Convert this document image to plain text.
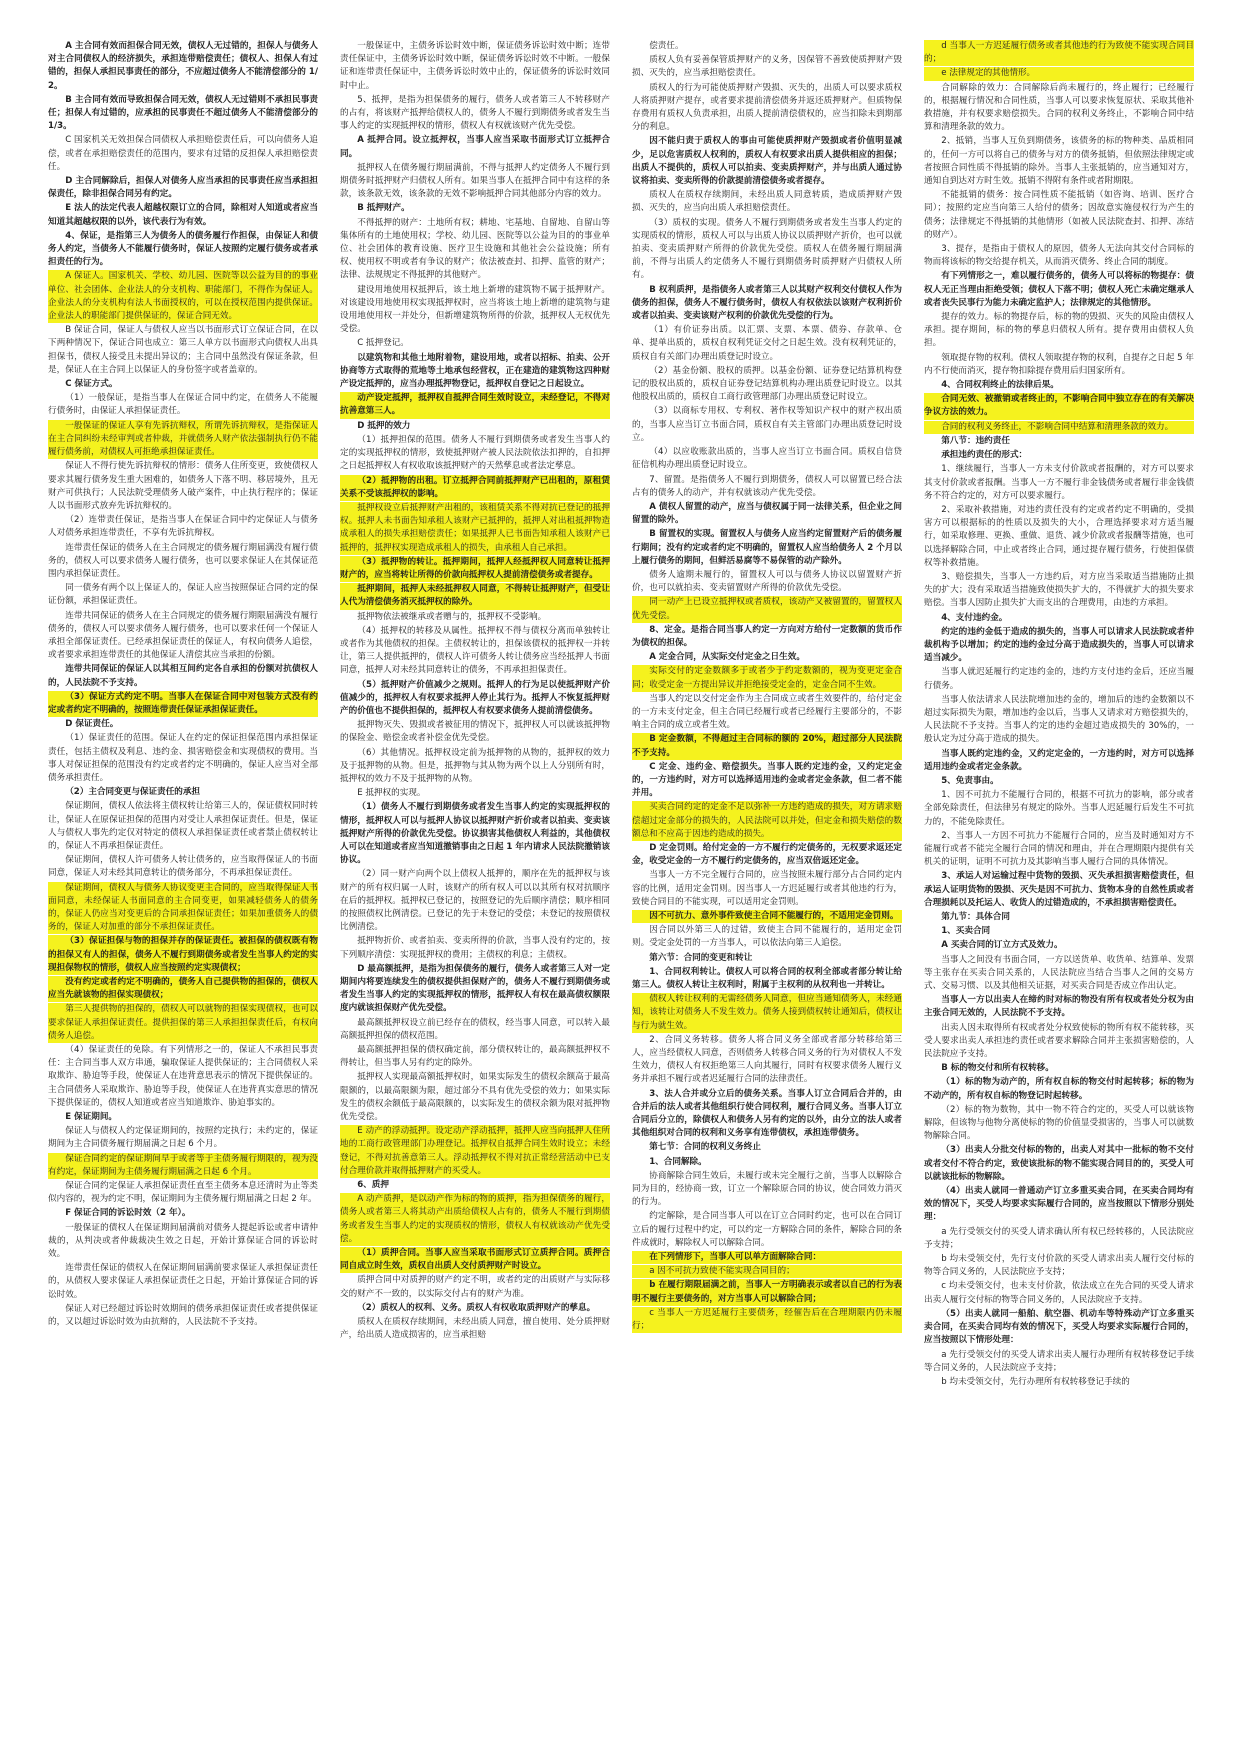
A 主合同有效而担保合同无效，债权人无过错的，担保人与债务人对主合同债权人的经济损失，承担连带赔偿责任；债权人、担保人有过错的，担保人承担民事责任的部分，不应超过债务人不能清偿部分的 1/2。

B 主合同有效而导致担保合同无效，债权人无过错则不承担民事责任；担保人有过错的，应承担的民事责任不超过债务人不能清偿部分的 1/3。

C 国家机关无效担保合同债权人承担赔偿责任后，可以向债务人追偿，或者在承担赔偿责任的范围内，要求有过错的反担保人承担赔偿责任。

D 主合同解除后，担保人对债务人应当承担的民事责任应当承担担保责任，除非担保合同另有约定。

E 法人的法定代表人超越权限订立的合同，除相对人知道或者应当知道其超越权限的以外，该代表行为有效。

4、保证，是指第三人为债务人的债务履行作担保，由保证人和债务人约定，当债务人不能履行债务时，保证人按照约定履行债务或者承担责任的行为。

A 保证人。国家机关、学校、幼儿园、医院等以公益为目的的事业单位、社会团体、企业法人的分支机构、职能部门，不得作为保证人。企业法人的分支机构有法人书面授权的，可以在授权范围内提供保证。企业法人的职能部门提供保证的，保证合同无效。

B 保证合同，保证人与债权人应当以书面形式订立保证合同，在以下两种情况下，保证合同也成立：第三人单方以书面形式向债权人出具担保书，债权人接受且未提出异议的；主合同中虽然没有保证条款，但是，保证人在主合同上以保证人的身份签字或者盖章的。

C 保证方式。

（1）一般保证，是指当事人在保证合同中约定，在债务人不能履行债务时，由保证人承担保证责任。

一般保证的保证人享有先诉抗辩权，所谓先诉抗辩权，是指保证人在主合同纠纷未经审判或者仲裁，并就债务人财产依法强制执行仍不能履行债务前，对债权人可拒绝承担保证责任。

保证人不得行使先诉抗辩权的情形：债务人住所变更，致使债权人要求其履行债务发生重大困难的，如债务人下落不明、移居境外，且无财产可供执行；人民法院受理债务人破产案件，中止执行程序的；保证人以书面形式放弃先诉抗辩权的。

（2）连带责任保证，是指当事人在保证合同中约定保证人与债务人对债务承担连带责任，不享有先诉抗辩权。

连带责任保证的债务人在主合同规定的债务履行期届满没有履行债务的，债权人可以要求债务人履行债务，也可以要求保证人在其保证范围内承担保证责任。

同一债务有两个以上保证人的，保证人应当按照保证合同约定的保证份额，承担保证责任。

连带共同保证的债务人在主合同规定的债务履行期限届满没有履行债务的，债权人可以要求债务人履行债务，也可以要求任何一个保证人承担全部保证责任。已经承担保证责任的保证人，有权向债务人追偿，或者要求承担连带责任的其他保证人清偿其应当承担的份额。

连带共同保证的保证人以其相互间约定各自承担的份额对抗债权人的，人民法院不予支持。

（3）保证方式约定不明。当事人在保证合同中对包装方式没有约定或者约定不明确的，按照连带责任保证承担保证责任。

D 保证责任。

（1）保证责任的范围。保证人在约定的保证担保范围内承担保证责任，包括主债权及利息、违约金、损害赔偿金和实现债权的费用。当事人对保证担保的范围没有约定或者约定不明确的，保证人应当对全部债务承担责任。

（2）主合同变更与保证责任的承担

保证期间，债权人依法将主债权转让给第三人的，保证债权同时转让，保证人在原保证担保的范围内对受让人承担保证责任。但是，保证人与债权人事先约定仅对特定的债权人承担保证责任或者禁止债权转让的，保证人不再承担保证责任。

保证期间，债权人许可债务人转让债务的，应当取得保证人的书面同意，保证人对未经其同意转让的债务部分，不再承担保证责任。

保证期间，债权人与债务人协议变更主合同的，应当取得保证人书面同意，未经保证人书面同意的主合同变更，如果减轻债务人的债务的，保证人仍应当对变更后的合同承担保证责任；如果加重债务人的债务的，保证人对加重的部分不承担保证责任。

（3）保证担保与物的担保并存的保证责任。被担保的债权既有物的担保又有人的担保，债务人不履行到期债务或者发生当事人约定的实现担保物权的情形，债权人应当按照约定实现债权；

没有约定或者约定不明确的，债务人自己提供物的担保的，债权人应当先就该物的担保实现债权；

第三人提供物的担保的，债权人可以就物的担保实现债权，也可以要求保证人承担保证责任。提供担保的第三人承担担保责任后，有权向债务人追偿。

（4）保证责任的免除。有下列情形之一的，保证人不承担民事责任：主合同当事人双方串通，骗取保证人提供保证的；主合同债权人采取欺诈、胁迫等手段，使保证人在违背意思表示的情况下提供保证的。主合同债务人采取欺诈、胁迫等手段，使保证人在违背真实意思的情况下提供保证的，债权人知道或者应当知道欺诈、胁迫事实的。

E 保证期间。

保证人与债权人约定保证期间的，按照约定执行；未约定的，保证期间为主合同债务履行期届满之日起 6 个月。

保证合同约定的保证期间早于或者等于主债务履行期限的，视为没有约定，保证期间为主债务履行期届满之日起 6 个月。

保证合同约定保证人承担保证责任直至主债务本息还清时为止等类似内容的，视为约定不明，保证期间为主债务履行期届满之日起 2 年。

F 保证合同的诉讼时效（2 年）。

一般保证的债权人在保证期间届满前对债务人提起诉讼或者申请仲裁的，从判决或者仲裁裁决生效之日起，开始计算保证合同的诉讼时效。

连带责任保证的债权人在保证期间届满前要求保证人承担保证责任的，从债权人要求保证人承担保证责任之日起，开始计算保证合同的诉讼时效。

保证人对已经超过诉讼时效期间的债务承担保证责任或者提供保证的，又以超过诉讼时效为由抗辩的，人民法院不予支持。

一般保证中，主债务诉讼时效中断，保证债务诉讼时效中断；连带责任保证中，主债务诉讼时效中断，保证债务诉讼时效不中断。一般保证和连带责任保证中，主债务诉讼时效中止的，保证债务的诉讼时效同时中止。

5、抵押，是指为担保债务的履行，债务人或者第三人不转移财产的占有，将该财产抵押给债权人的，债务人不履行到期债务或者发生当事人约定的实现抵押权的情形，债权人有权就该财产优先受偿。

A 抵押合同。设立抵押权，当事人应当采取书面形式订立抵押合同。

抵押权人在债务履行期届满前，不得与抵押人约定债务人不履行到期债务时抵押财产归债权人所有。如果当事人在抵押合同中有这样的条款，该条款无效，该条款的无效不影响抵押合同其他部分内容的效力。

B 抵押财产。

不得抵押的财产：土地所有权；耕地、宅基地、自留地、自留山等集体所有的土地使用权；学校、幼儿园、医院等以公益为目的的事业单位、社会团体的教育设施、医疗卫生设施和其他社会公益设施；所有权、使用权不明或者有争议的财产；依法被查封、扣押、监管的财产；法律、法规规定不得抵押的其他财产。

建设用地使用权抵押后，该土地上新增的建筑物不属于抵押财产。对该建设用地使用权实现抵押权时，应当将该土地上新增的建筑物与建设用地使用权一并处分，但新增建筑物所得的价款，抵押权人无权优先受偿。

C 抵押登记。

以建筑物和其他土地附着物，建设用地，或者以招标、拍卖、公开协商等方式取得的荒地等土地承包经营权，正在建造的建筑物这四种财产设定抵押的，应当办理抵押物登记，抵押权自登记之日起设立。

动产设定抵押，抵押权自抵押合同生效时设立，未经登记，不得对抗善意第三人。

D 抵押的效力

（1）抵押担保的范围。债务人不履行到期债务或者发生当事人约定的实现抵押权的情形，致使抵押财产被人民法院依法扣押的，自扣押之日起抵押权人有权收取该抵押财产的天然孳息或者法定孳息。

（2）抵押物的出租。订立抵押合同前抵押财产已出租的，原租赁关系不受该抵押权的影响。

抵押权设立后抵押财产出租的，该租赁关系不得对抗已登记的抵押权。抵押人未书面告知承租人该财产已抵押的，抵押人对出租抵押物造成承租人的损失承担赔偿责任；如果抵押人已书面告知承租人该财产已抵押的，抵押权实现造成承租人的损失，由承租人自己承担。

（3）抵押物的转让。抵押期间，抵押人经抵押权人同意转让抵押财产的，应当将转让所得的价款向抵押权人提前清偿债务或者提存。

抵押期间，抵押人未经抵押权人同意，不得转让抵押财产，但受让人代为清偿债务消灭抵押权的除外。

抵押物依法被继承或者赠与的，抵押权不受影响。

（4）抵押权的转移及从属性。抵押权不得与债权分离而单独转让或者作为其他债权的担保。主债权转让的，担保该债权的抵押权一并转让，第三人提供抵押的，债权人许可债务人转让债务应当经抵押人书面同意，抵押人对未经其同意转让的债务，不再承担担保责任。

（5）抵押财产价值减少之规则。抵押人的行为足以使抵押财产价值减少的，抵押权人有权要求抵押人停止其行为。抵押人不恢复抵押财产的价值也不提供担保的，抵押权人有权要求债务人提前清偿债务。

抵押物灭失、毁损或者被征用的情况下，抵押权人可以就该抵押物的保险金、赔偿金或者补偿金优先受偿。

（6）其他情况。抵押权设定前为抵押物的从物的，抵押权的效力及于抵押物的从物。但是，抵押物与其从物为两个以上人分别所有时，抵押权的效力不及于抵押物的从物。

E 抵押权的实现。

（1）债务人不履行到期债务或者发生当事人约定的实现抵押权的情形，抵押权人可以与抵押人协议以抵押财产折价或者以拍卖、变卖该抵押财产所得的价款优先受偿。协议损害其他债权人利益的，其他债权人可以在知道或者应当知道撤销事由之日起 1 年内请求人民法院撤销该协议。

（2）同一财产向两个以上债权人抵押的，顺序在先的抵押权与该财产的所有权归属一人时，该财产的所有权人可以以其所有权对抗顺序在后的抵押权。抵押权已登记的，按照登记的先后顺序清偿；顺序相同的按照债权比例清偿。已登记的先于未登记的受偿；未登记的按照债权比例清偿。

抵押物折价、或者拍卖、变卖所得的价款，当事人没有约定的，按下列顺序清偿：实现抵押权的费用；主债权的利息；主债权。

D 最高额抵押，是指为担保债务的履行，债务人或者第三人对一定期间内将要连续发生的债权提供担保财产的，债务人不履行到期债务或者发生当事人约定的实现抵押权的情形，抵押权人有权在最高债权额限度内就该担保财产优先受偿。

最高额抵押权设立前已经存在的债权，经当事人同意，可以转入最高额抵押担保的债权范围。

最高额抵押担保的债权确定前，部分债权转让的，最高额抵押权不得转让，但当事人另有约定的除外。

抵押权人实现最高额抵押权时，如果实际发生的债权余额高于最高限额的，以最高限额为限，超过部分不具有优先受偿的效力；如果实际发生的债权余额低于最高限额的，以实际发生的债权余额为限对抵押物优先受偿。

E 动产的浮动抵押。设定动产浮动抵押，抵押人应当向抵押人住所地的工商行政管理部门办理登记。抵押权自抵押合同生效时设立；未经登记，不得对抗善意第三人。浮动抵押权不得对抗正常经营活动中已支付合理价款并取得抵押财产的买受人。

6、质押

A 动产质押，是以动产作为标的物的质押，指为担保债务的履行，债务人或者第三人将其动产出质给债权人占有的，债务人不履行到期债务或者发生当事人约定的实现质权的情形，债权人有权就该动产优先受偿。

（1）质押合同。当事人应当采取书面形式订立质押合同。质押合同自成立时生效，质权自出质人交付质押财产时设立。

质押合同中对质押的财产约定不明，或者约定的出质财产与实际移交的财产不一致的，以实际交付占有的财产为准。

（2）质权人的权利、义务。质权人有权收取质押财产的孳息。

质权人在质权存续期间，未经出质人同意，擅自使用、处分质押财产，给出质人造成损害的，应当承担赔

偿责任。

质权人负有妥善保管质押财产的义务，因保管不善致使质押财产毁损、灭失的，应当承担赔偿责任。

质权人的行为可能使质押财产毁损、灭失的，出质人可以要求质权人将质押财产提存，或者要求提前清偿债务并返还质押财产。但质物保存费用有质权人负责承担，出质人提前清偿债权的，应当扣除未到期部分的利息。

因不能归责于质权人的事由可能使质押财产毁损或者价值明显减少，足以危害质权人权利的，质权人有权要求出质人提供相应的担保；出质人不提供的，质权人可以拍卖、变卖质押财产，并与出质人通过协议将拍卖、变卖所得的价款提前清偿债务或者提存。

质权人在质权存续期间，未经出质人同意转质，造成质押财产毁损、灭失的，应当向出质人承担赔偿责任。

（3）质权的实现。债务人不履行到期债务或者发生当事人约定的实现质权的情形，质权人可以与出质人协议以质押财产折价，也可以就拍卖、变卖质押财产所得的价款优先受偿。质权人在债务履行期届满前，不得与出质人约定债务人不履行到期债务时质押财产归债权人所有。

B 权利质押，是指债务人或者第三人以其财产权利交付债权人作为债务的担保，债务人不履行债务时，债权人有权依法以该财产权利折价或者以拍卖、变卖该财产权利的价款优先受偿的行为。

（1）有价证券出质。以汇票、支票、本票、债券、存款单、仓单、提单出质的，质权自权利凭证交付之日起生效。没有权利凭证的，质权自有关部门办理出质登记时设立。

（2）基金份额、股权的质押。以基金份额、证券登记结算机构登记的股权出质的，质权自证券登记结算机构办理出质登记时设立。以其他股权出质的，质权自工商行政管理部门办理出质登记时设立。

（3）以商标专用权、专利权、著作权等知识产权中的财产权出质的，当事人应当订立书面合同，质权自有关主管部门办理出质登记时设立。

（4）以应收账款出质的，当事人应当订立书面合同。质权自信贷征信机构办理出质登记时设立。

7、留置。是指债务人不履行到期债务，债权人可以留置已经合法占有的债务人的动产，并有权就该动产优先受偿。

A 债权人留置的动产，应当与债权属于同一法律关系，但企业之间留置的除外。

B 留置权的实现。留置权人与债务人应当约定留置财产后的债务履行期间；没有约定或者约定不明确的，留置权人应当给债务人 2 个月以上履行债务的期间，但鲜活易腐等不易保管的动产除外。

债务人逾期未履行的，留置权人可以与债务人协议以留置财产折价，也可以就拍卖、变卖留置财产所得的价款优先受偿。

同一动产上已设立抵押权或者质权，该动产又被留置的，留置权人优先受偿。

8、定金。是指合同当事人约定一方向对方给付一定数额的货币作为债权的担保。

A 定金合同，从实际交付定金之日生效。

实际交付的定金数额多于或者少于约定数额的，视为变更定金合同；收受定金一方提出异议并拒绝接受定金的，定金合同不生效。

当事人约定以交付定金作为主合同成立或者生效要件的，给付定金的一方未支付定金，但主合同已经履行或者已经履行主要部分的，不影响主合同的成立或者生效。

B 定金数额，不得超过主合同标的额的 20%，超过部分人民法院不予支持。

C 定金、违约金、赔偿损失。当事人既约定违约金，又约定定金的，一方违约时，对方可以选择适用违约金或者定金条款，但二者不能并用。

买卖合同约定的定金不足以弥补一方违约造成的损失，对方请求赔偿超过定金部分的损失的，人民法院可以并处，但定金和损失赔偿的数额总和不应高于因违约造成的损失。

D 定金罚则。给付定金的一方不履行约定债务的，无权要求返还定金，收受定金的一方不履行约定债务的，应当双倍返还定金。

当事人一方不完全履行合同的，应当按照未履行部分占合同约定内容的比例，适用定金罚则。因当事人一方迟延履行或者其他违约行为，致使合同目的不能实现，可以适用定金罚则。

因不可抗力、意外事件致使主合同不能履行的，不适用定金罚则。

因合同以外第三人的过错，致使主合同不能履行的，适用定金罚则。受定金处罚的一方当事人，可以依法向第三人追偿。

第六节：合同的变更和转让

1、合同权利转让。债权人可以将合同的权利全部或者部分转让给第三人。债权人转让主权利时，附属于主权利的从权利也一并转让。

债权人转让权利的无需经债务人同意，但应当通知债务人，未经通知，该转让对债务人不发生效力。债务人接到债权转让通知后，债权让与行为就生效。

2、合同义务转移。债务人将合同义务全部或者部分转移给第三人，应当经债权人同意，否则债务人转移合同义务的行为对债权人不发生效力，债权人有权拒绝第三人向其履行，同时有权要求债务人履行义务并承担不履行或者迟延履行合同的法律责任。

3、法人合并或分立后的债务关系。当事人订立合同后合并的，由合并后的法人或者其他组织行使合同权利，履行合同义务。当事人订立合同后分立的，除债权人和债务人另有约定的以外，由分立的法人或者其他组织对合同的权利和义务享有连带债权，承担连带债务。

第七节：合同的权利义务终止

1、合同解除。

协商解除合同生效后，未履行或未完全履行之前，当事人以解除合同为目的，经协商一致，订立一个解除原合同的协议，使合同效力消灭的行为。

约定解除，是合同当事人可以在订立合同时约定，也可以在合同订立后的履行过程中约定，可以约定一方解除合同的条件，解除合同的条件成就时，解除权人可以解除合同。

在下列情形下，当事人可以单方面解除合同：

a 因不可抗力致使不能实现合同目的；

b 在履行期限届满之前，当事人一方明确表示或者以自己的行为表明不履行主要债务的，对方当事人可以解除合同；

c 当事人一方迟延履行主要债务，经催告后在合理期限内仍未履行；

d 当事人一方迟延履行债务或者其他违约行为致使不能实现合同目的；

e 法律规定的其他情形。

合同解除的效力：合同解除后尚未履行的，终止履行；已经履行的，根据履行情况和合同性质，当事人可以要求恢复原状、采取其他补救措施，并有权要求赔偿损失。合同的权利义务终止，不影响合同中结算和清理条款的效力。

2、抵销，当事人互负到期债务，该债务的标的物种类、品质相同的，任何一方可以将自己的债务与对方的债务抵销，但依照法律规定或者按照合同性质不得抵销的除外。当事人主张抵销的，应当通知对方，通知自到达对方时生效。抵销不得附有条件或者附期限。

不能抵销的债务：按合同性质不能抵销（如咨询、培训、医疗合同）；按照约定应当向第三人给付的债务；因故意实施侵权行为产生的债务；法律规定不得抵销的其他情形（如被人民法院查封、扣押、冻结的财产）。

3、提存，是指由于债权人的原因，债务人无法向其交付合同标的物而将该标的物交给提存机关，从而消灭债务、终止合同的制度。

有下列情形之一，难以履行债务的，债务人可以将标的物提存：债权人无正当理由拒绝受领；债权人下落不明；债权人死亡未确定继承人或者丧失民事行为能力未确定监护人；法律规定的其他情形。

提存的效力。标的物提存后，标的物的毁损、灭失的风险由债权人承担。提存期间，标的物的孳息归债权人所有。提存费用由债权人负担。

领取提存物的权利。债权人领取提存物的权利，自提存之日起 5 年内不行使而消灭，提存物扣除提存费用后归国家所有。

4、合同权利终止的法律后果。

合同无效、被撤销或者终止的，不影响合同中独立存在的有关解决争议方法的效力。

合同的权利义务终止，不影响合同中结算和清理条款的效力。

第八节：违约责任

承担违约责任的形式：

1、继续履行，当事人一方未支付价款或者报酬的，对方可以要求其支付价款或者报酬。当事人一方不履行非金钱债务或者履行非金钱债务不符合约定的，对方可以要求履行。

2、采取补救措施，对违约责任没有约定或者约定不明确的，受损害方可以根据标的的性质以及损失的大小，合理选择要求对方适当履行，如采取修理、更换、重做、退货、减少价款或者报酬等措施，也可以选择解除合同，中止或者终止合同，通过提存履行债务，行使担保债权等补救措施。

3、赔偿损失，当事人一方违约后，对方应当采取适当措施防止损失的扩大；没有采取适当措施致使损失扩大的，不得就扩大的损失要求赔偿。当事人因防止损失扩大而支出的合理费用，由违约方承担。

4、支付违约金。

约定的违约金低于造成的损失的，当事人可以请求人民法院或者仲裁机构予以增加；约定的违约金过分高于造成损失的，当事人可以请求适当减少。

当事人就迟延履行约定违约金的，违约方支付违约金后，还应当履行债务。

当事人依法请求人民法院增加违约金的，增加后的违约金数额以不超过实际损失为限，增加违约金以后，当事人又请求对方赔偿损失的，人民法院不予支持。当事人约定的违约金超过造成损失的 30%的，一般认定为过分高于造成的损失。

当事人既约定违约金，又约定定金的，一方违约时，对方可以选择适用违约金或者定金条款。

5、免责事由。

1、因不可抗力不能履行合同的，根据不可抗力的影响，部分或者全部免除责任，但法律另有规定的除外。当事人迟延履行后发生不可抗力的，不能免除责任。

2、当事人一方因不可抗力不能履行合同的，应当及时通知对方不能履行或者不能完全履行合同的情况和理由，并在合理期限内提供有关机关的证明，证明不可抗力及其影响当事人履行合同的具体情况。

3、承运人对运输过程中货物的毁损、灭失承担损害赔偿责任，但承运人证明货物的毁损、灭失是因不可抗力、货物本身的自然性质或者合理损耗以及托运人、收货人的过错造成的，不承担损害赔偿责任。

第九节：具体合同

1、买卖合同

A 买卖合同的订立方式及效力。

当事人之间没有书面合同，一方以送货单、收货单、结算单、发票等主张存在买卖合同关系的，人民法院应当结合当事人之间的交易方式、交易习惯、以及其他相关证据，对买卖合同是否成立作出认定。

当事人一方以出卖人在缔约时对标的物没有所有权或者处分权为由主张合同无效的，人民法院不予支持。

出卖人因未取得所有权或者处分权致使标的物所有权不能转移，买受人要求出卖人承担违约责任或者要求解除合同并主张损害赔偿的，人民法院应予支持。

B 标的物交付和所有权转移。

（1）标的物为动产的，所有权自标的物交付时起转移；标的物为不动产的，所有权自标的物登记时起转移。

（2）标的物为数物，其中一物不符合约定的，买受人可以就该物解除，但该物与他物分离使标的物的价值显受损害的，当事人可以就数物解除合同。

（3）出卖人分批交付标的物的，出卖人对其中一批标的物不交付或者交付不符合约定，致使该批标的物不能实现合同目的的，买受人可以就该批标的物解除。

（4）出卖人就同一普通动产订立多重买卖合同，在买卖合同均有效的情况下，买受人均要求实际履行合同的，应当按照以下情形分别处理：

a 先行受领交付的买受人请求确认所有权已经转移的，人民法院应予支持；

b 均未受领交付，先行支付价款的买受人请求出卖人履行交付标的物等合同义务的，人民法院应予支持；

c 均未受领交付，也未支付价款，依法成立在先合同的买受人请求出卖人履行交付标的物等合同义务的，人民法院应予支持。

（5）出卖人就同一船舶、航空器、机动车等特殊动产订立多重买卖合同，在买卖合同均有效的情况下，买受人均要求实际履行合同的，应当按照以下情形处理：

a 先行受领交付的买受人请求出卖人履行办理所有权转移登记手续等合同义务的，人民法院应予支持；

b 均未受领交付，先行办理所有权转移登记手续的
